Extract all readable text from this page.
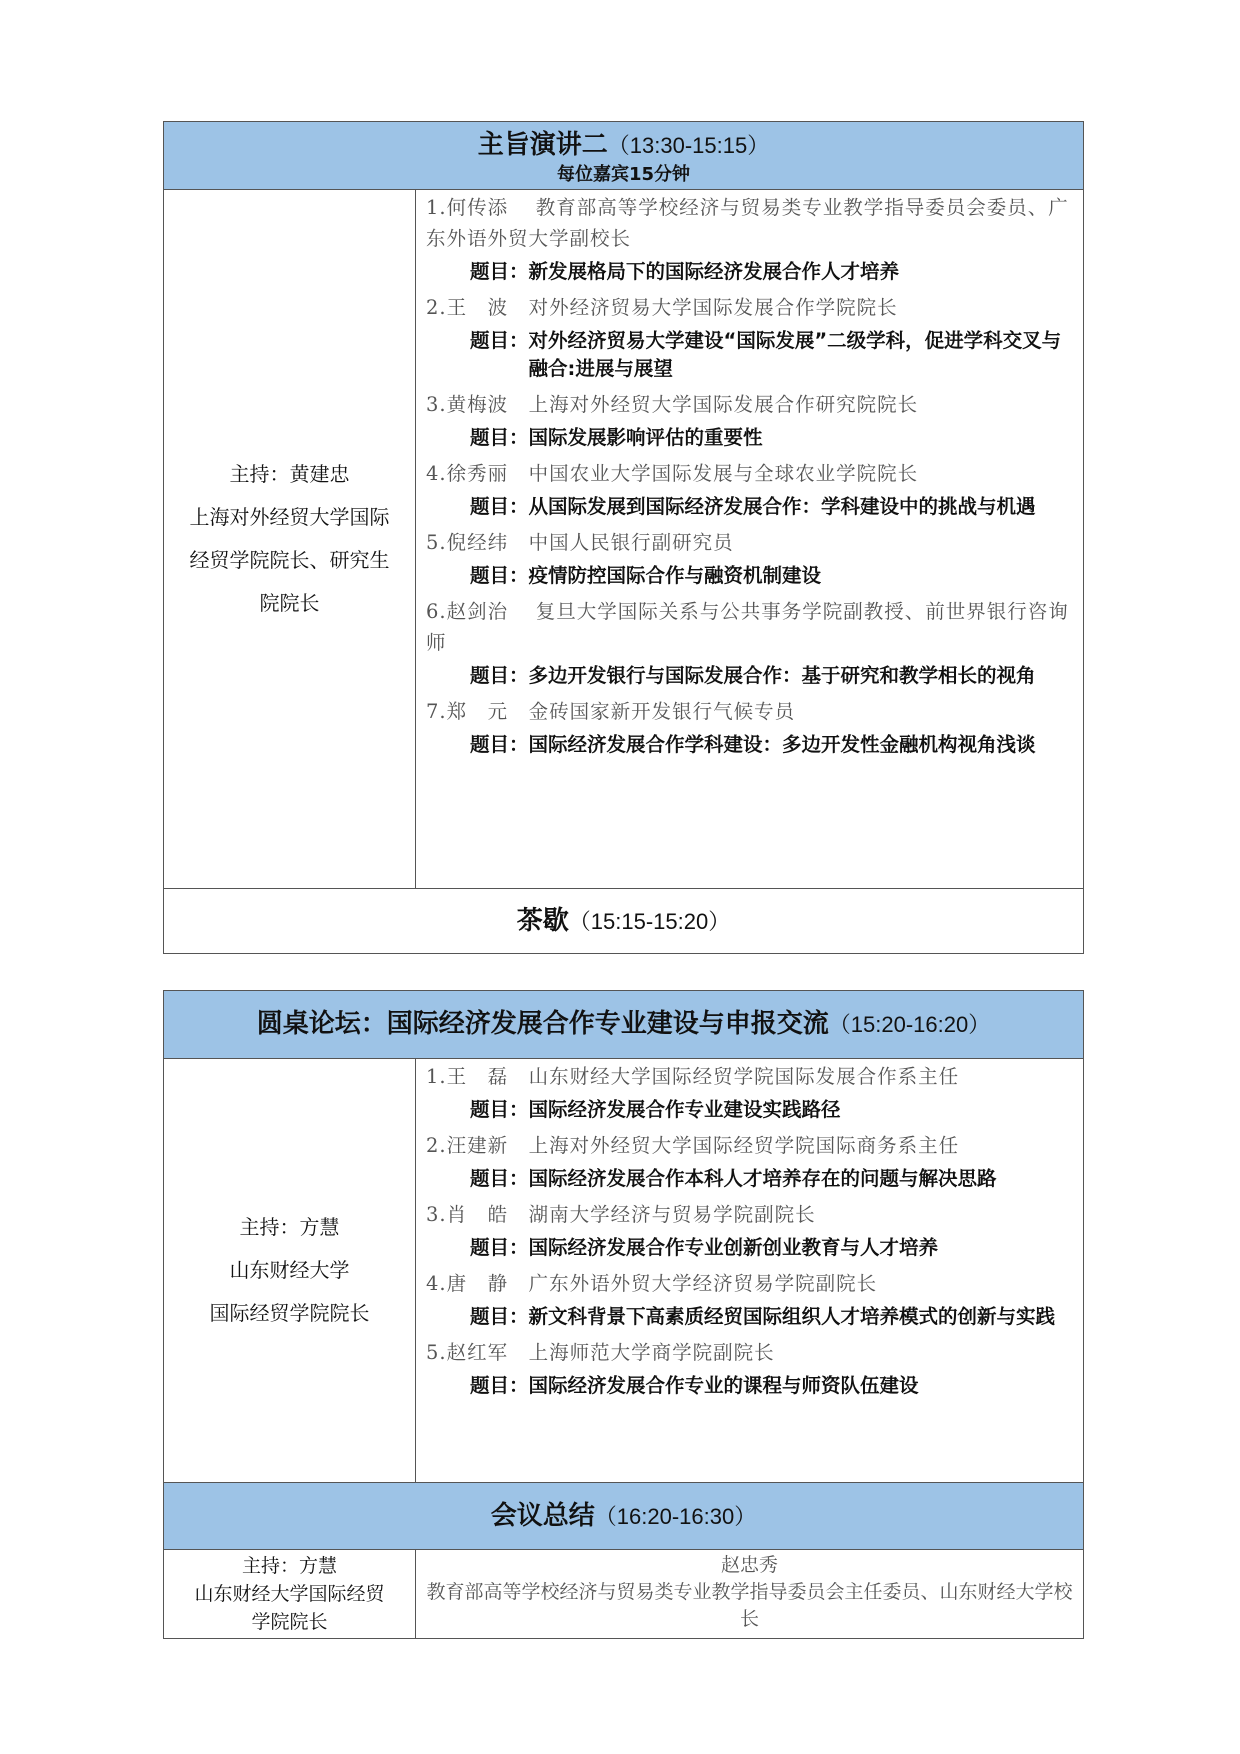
主旨演讲二（13:30-15:15）
每位嘉宾15分钟
主持：黄建忠
上海对外经贸大学国际
经贸学院院长、研究生
院院长
1.何传添　 教育部高等学校经济与贸易类专业教学指导委员会委员、广东外语外贸大学副校长
题目： 新发展格局下的国际经济发展合作人才培养
2.王　波　对外经济贸易大学国际发展合作学院院长
题目： 对外经济贸易大学建设“国际发展”二级学科，促进学科交叉与融合:进展与展望
3.黄梅波　上海对外经贸大学国际发展合作研究院院长
题目： 国际发展影响评估的重要性
4.徐秀丽　中国农业大学国际发展与全球农业学院院长
题目： 从国际发展到国际经济发展合作：学科建设中的挑战与机遇
5.倪经纬　中国人民银行副研究员
题目： 疫情防控国际合作与融资机制建设
6.赵剑治　 复旦大学国际关系与公共事务学院副教授、前世界银行咨询师
题目： 多边开发银行与国际发展合作：基于研究和教学相长的视角
7.郑　元　金砖国家新开发银行气候专员
题目： 国际经济发展合作学科建设：多边开发性金融机构视角浅谈
茶歇（15:15-15:20）
圆桌论坛：国际经济发展合作专业建设与申报交流（15:20-16:20）
主持：方慧
山东财经大学
国际经贸学院院长
1.王　磊　山东财经大学国际经贸学院国际发展合作系主任
题目： 国际经济发展合作专业建设实践路径
2.汪建新　上海对外经贸大学国际经贸学院国际商务系主任
题目： 国际经济发展合作本科人才培养存在的问题与解决思路
3.肖　皓　湖南大学经济与贸易学院副院长
题目： 国际经济发展合作专业创新创业教育与人才培养
4.唐　静　广东外语外贸大学经济贸易学院副院长
题目： 新文科背景下高素质经贸国际组织人才培养模式的创新与实践
5.赵红军　上海师范大学商学院副院长
题目： 国际经济发展合作专业的课程与师资队伍建设
会议总结（16:20-16:30）
主持：方慧
山东财经大学国际经贸
学院院长
赵忠秀
教育部高等学校经济与贸易类专业教学指导委员会主任委员、山东财经大学校长
